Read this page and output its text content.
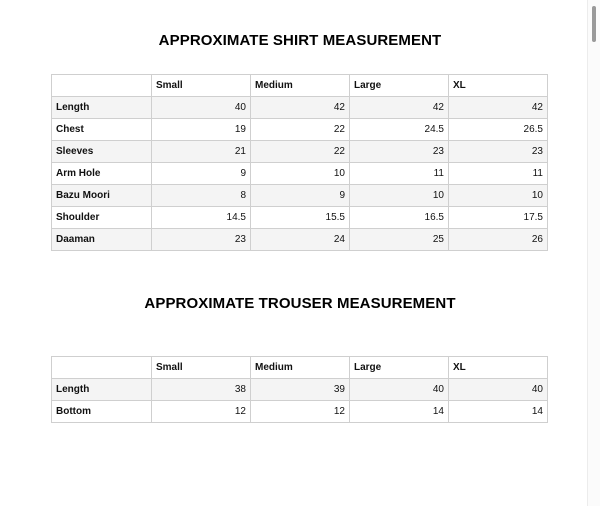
APPROXIMATE SHIRT MEASUREMENT
	Small	Medium	Large	XL
Length	40	42	42	42
Chest	19	22	24.5	26.5
Sleeves	21	22	23	23
Arm Hole	9	10	11	11
Bazu Moori	8	9	10	10
Shoulder	14.5	15.5	16.5	17.5
Daaman	23	24	25	26
APPROXIMATE TROUSER MEASUREMENT
	Small	Medium	Large	XL
Length	38	39	40	40
Bottom	12	12	14	14
